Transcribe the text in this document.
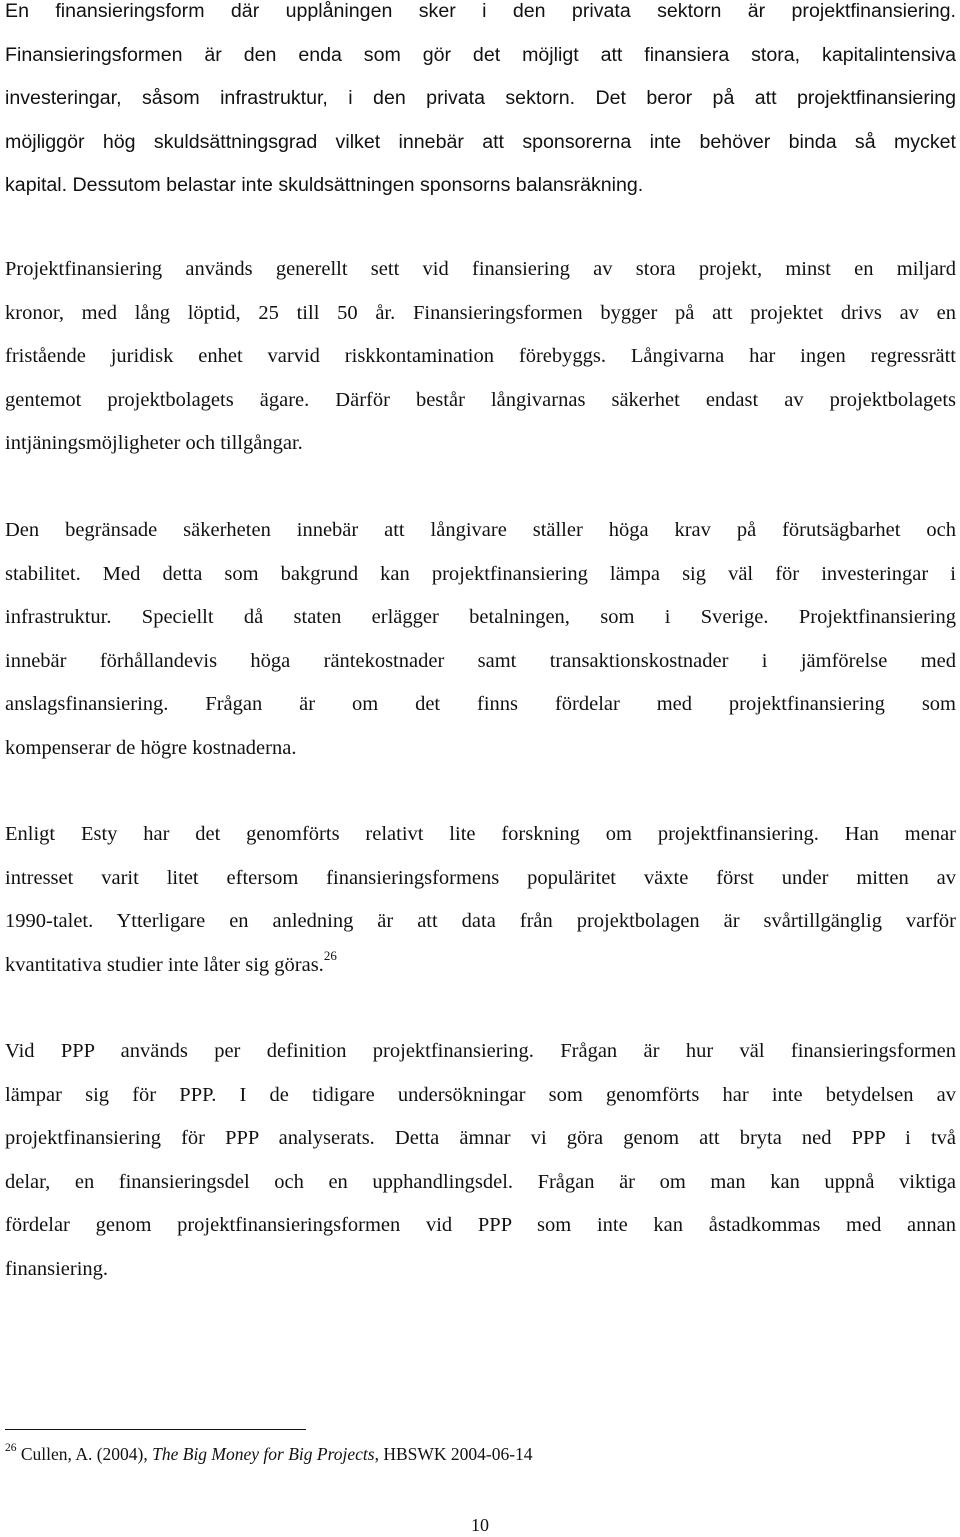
En finansieringsform där upplåningen sker i den privata sektorn är projektfinansiering.
Finansieringsformen är den enda som gör det möjligt att finansiera stora, kapitalintensiva
investeringar, såsom infrastruktur, i den privata sektorn. Det beror på att projektfinansiering
möjliggör hög skuldsättningsgrad vilket innebär att sponsorerna inte behöver binda så mycket
kapital. Dessutom belastar inte skuldsättningen sponsorns balansräkning.
Projektfinansiering används generellt sett vid finansiering av stora projekt, minst en miljard
kronor, med lång löptid, 25 till 50 år. Finansieringsformen bygger på att projektet drivs av en
fristående juridisk enhet varvid riskkontamination förebyggs. Långivarna har ingen regressrätt
gentemot projektbolagets ägare. Därför består långivarnas säkerhet endast av projektbolagets
intjäningsmöjligheter och tillgångar.
Den begränsade säkerheten innebär att långivare ställer höga krav på förutsägbarhet och
stabilitet. Med detta som bakgrund kan projektfinansiering lämpa sig väl för investeringar i
infrastruktur. Speciellt då staten erlägger betalningen, som i Sverige. Projektfinansiering
innebär förhållandevis höga räntekostnader samt transaktionskostnader i jämförelse med
anslagsfinansiering. Frågan är om det finns fördelar med projektfinansiering som
kompenserar de högre kostnaderna.
Enligt Esty har det genomförts relativt lite forskning om projektfinansiering. Han menar
intresset varit litet eftersom finansieringsformens populäritet växte först under mitten av
1990-talet. Ytterligare en anledning är att data från projektbolagen är svårtillgänglig varför
kvantitativa studier inte låter sig göras.$^{26}$
Vid PPP används per definition projektfinansiering. Frågan är hur väl finansieringsformen
lämpar sig för PPP. I de tidigare undersökningar som genomförts har inte betydelsen av
projektfinansiering för PPP analyserats. Detta ämnar vi göra genom att bryta ned PPP i två
delar, en finansieringsdel och en upphandlingsdel. Frågan är om man kan uppnå viktiga
fördelar genom projektfinansieringsformen vid PPP som inte kan åstadkommas med annan
finansiering.

$^{26}$ Cullen, A. (2004), The Big Money for Big Projects, HBSWK 2004-06-14

10
